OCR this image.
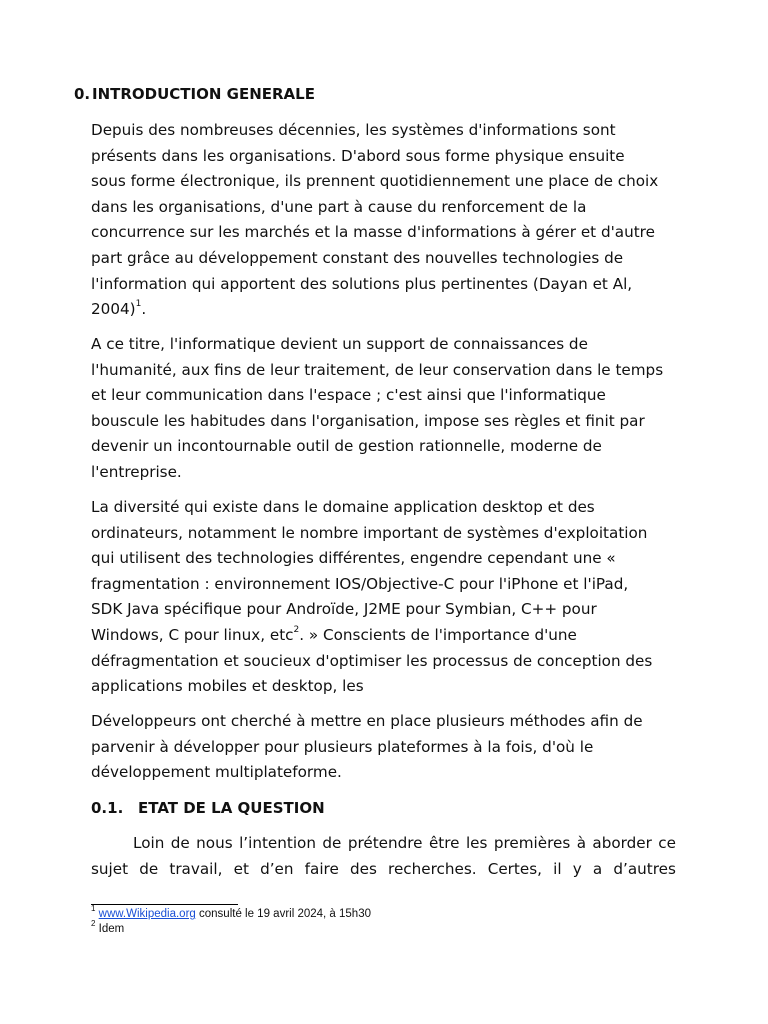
0. INTRODUCTION GENERALE

Depuis des nombreuses décennies, les systèmes d'informations sont
présents dans les organisations. D'abord sous forme physique ensuite
sous forme électronique, ils prennent quotidiennement une place de choix
dans les organisations, d'une part à cause du renforcement de la
concurrence sur les marchés et la masse d'informations à gérer et d'autre
part grâce au développement constant des nouvelles technologies de
l'information qui apportent des solutions plus pertinentes (Dayan et Al,
2004)$^1$.

A ce titre, l'informatique devient un support de connaissances de
l'humanité, aux fins de leur traitement, de leur conservation dans le temps
et leur communication dans l'espace ; c'est ainsi que l'informatique
bouscule les habitudes dans l'organisation, impose ses règles et finit par
devenir un incontournable outil de gestion rationnelle, moderne de
l'entreprise.

La diversité qui existe dans le domaine application desktop et des
ordinateurs, notamment le nombre important de systèmes d'exploitation
qui utilisent des technologies différentes, engendre cependant une «
fragmentation : environnement IOS/Objective-C pour l'iPhone et l'iPad,
SDK Java spécifique pour Androïde, J2ME pour Symbian, C++ pour
Windows, C pour linux, etc$^2$. » Conscients de l'importance d'une
défragmentation et soucieux d'optimiser les processus de conception des
applications mobiles et desktop, les

Développeurs ont cherché à mettre en place plusieurs méthodes afin de
parvenir à développer pour plusieurs plateformes à la fois, d'où le
développement multiplateforme.

0.1. ETAT DE LA QUESTION

Loin de nous l’intention de prétendre être les premières à aborder ce
sujet de travail, et d’en faire des recherches. Certes, il y a d’autres

$^1$ www.Wikipedia.org consulté le 19 avril 2024, à 15h30

$^2$ Idem
